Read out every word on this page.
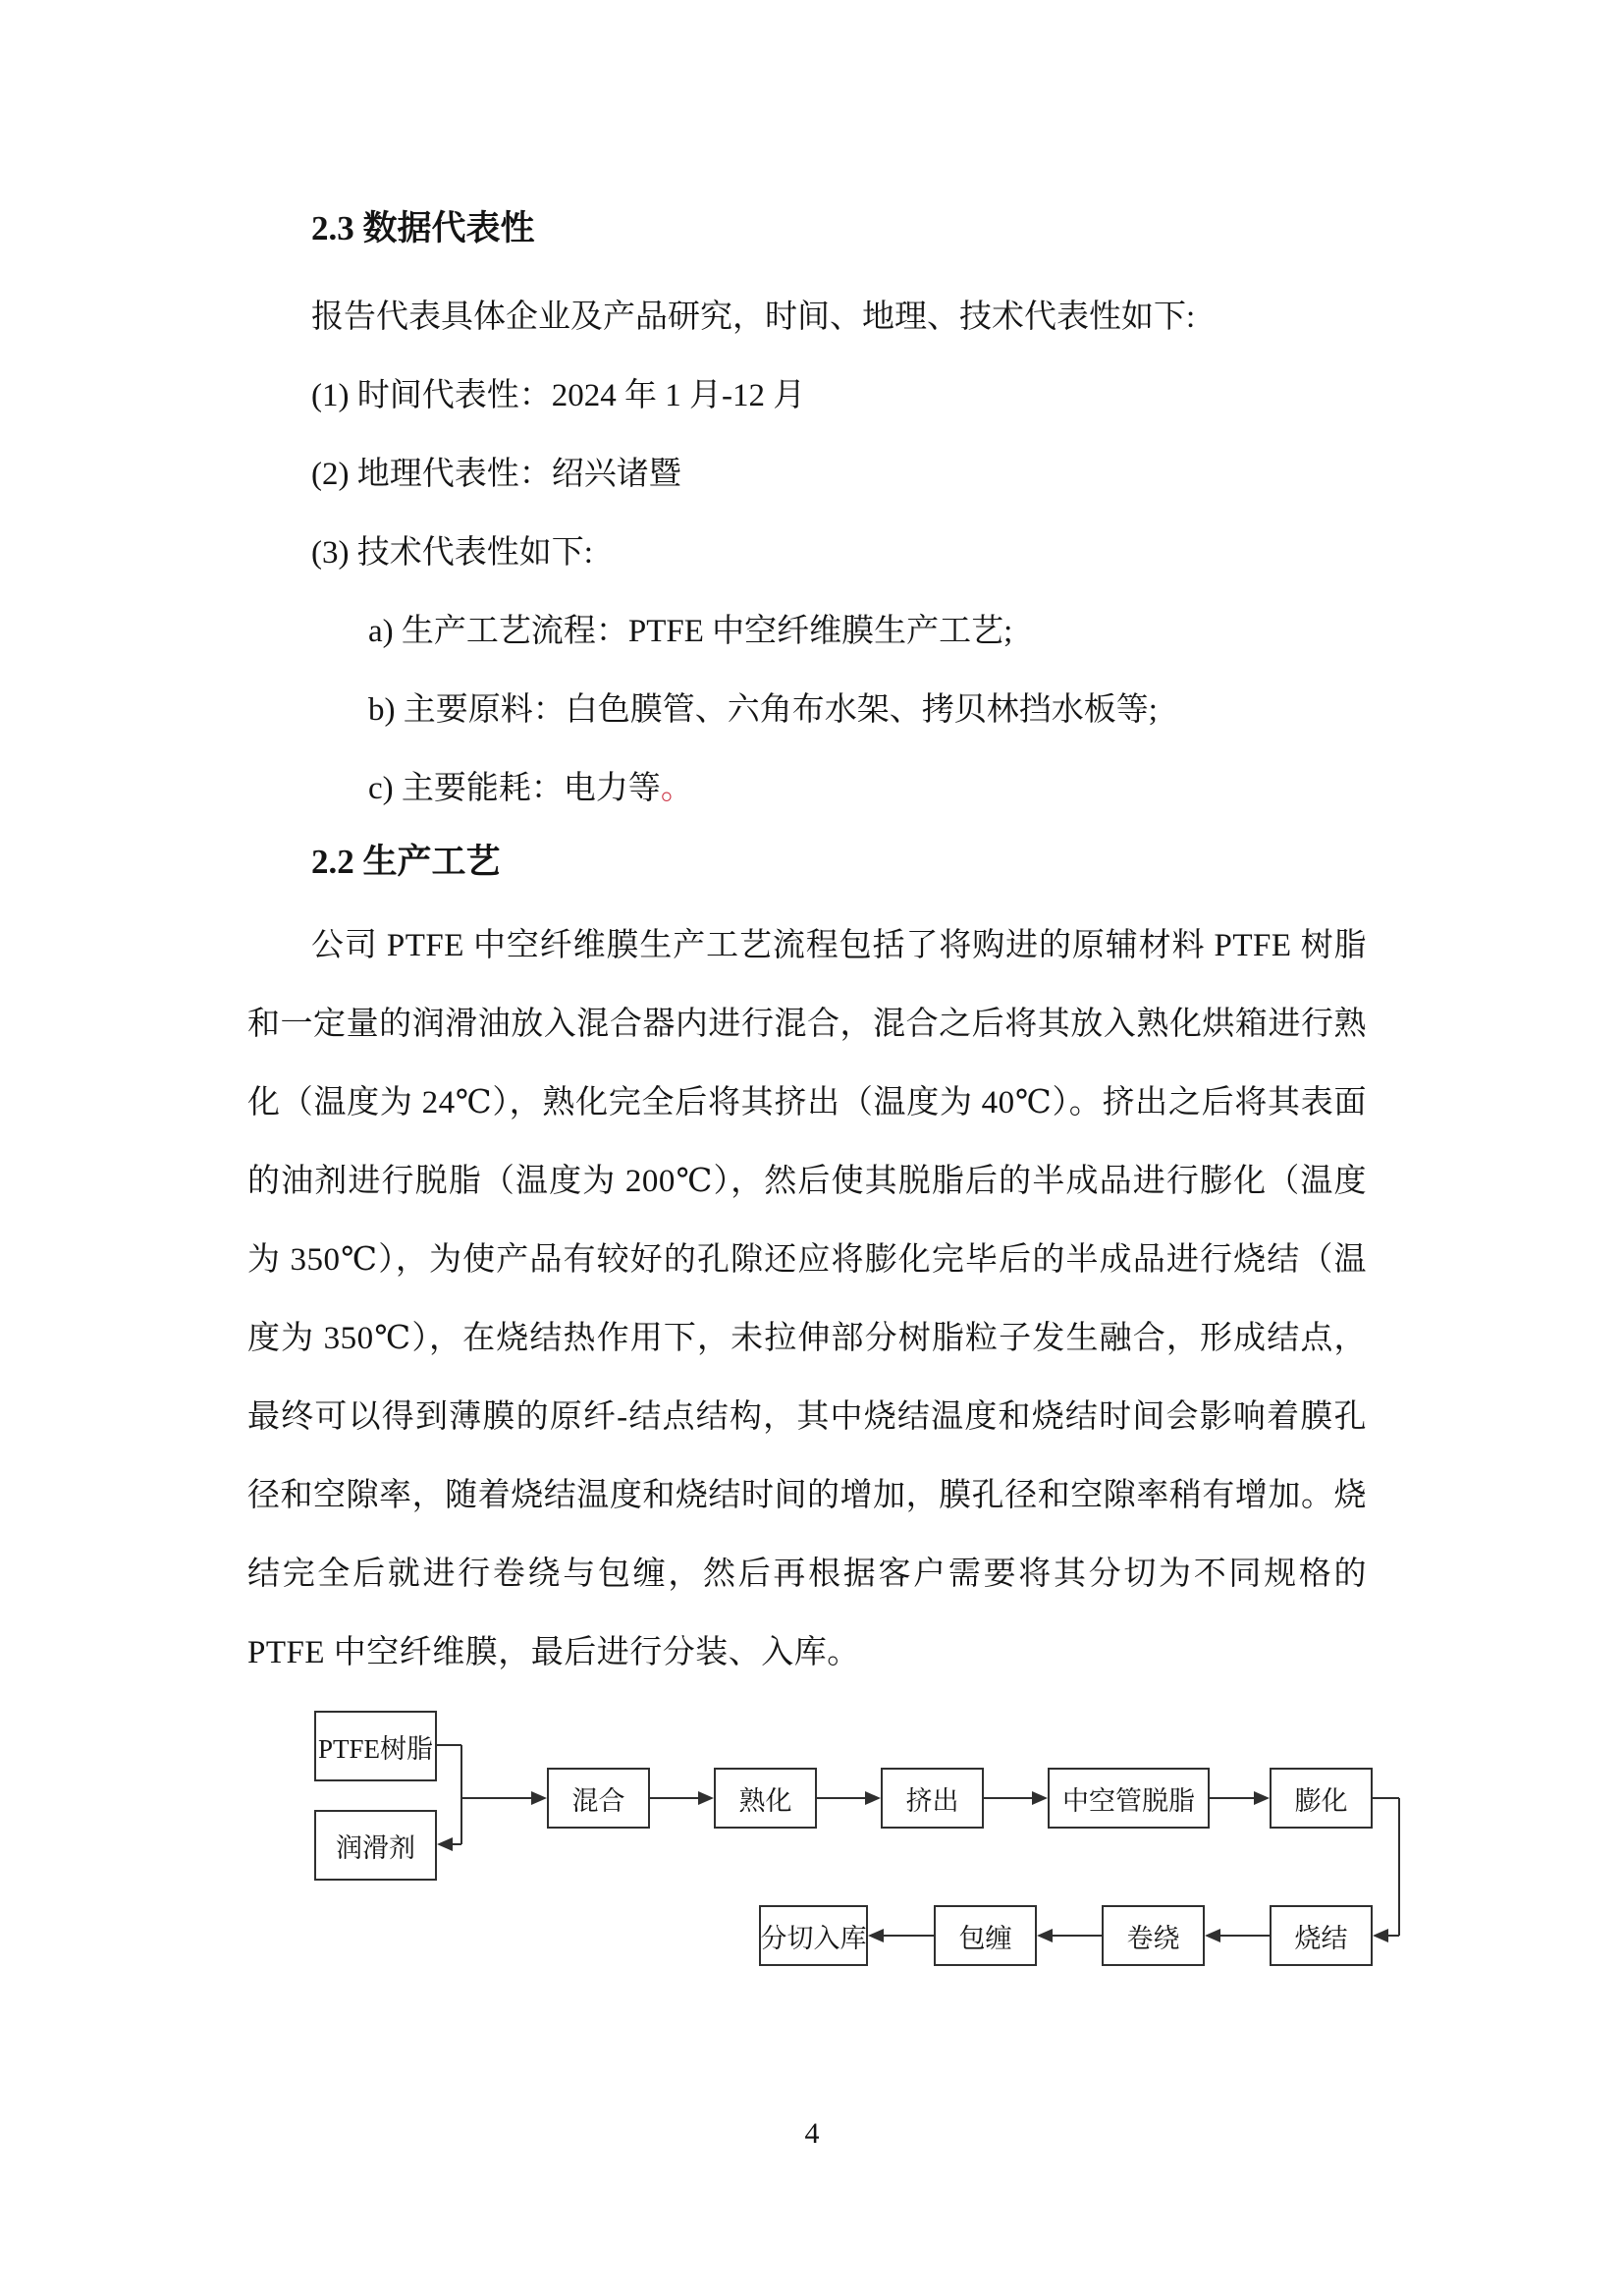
2.3 数据代表性
报告代表具体企业及产品研究，时间、地理、技术代表性如下:
(1) 时间代表性：2024 年 1 月-12 月
(2) 地理代表性：绍兴诸暨
(3) 技术代表性如下:
a) 生产工艺流程：PTFE 中空纤维膜生产工艺;
b) 主要原料：白色膜管、六角布水架、拷贝林挡水板等;
c) 主要能耗：电力等。
2.2 生产工艺
公司 PTFE 中空纤维膜生产工艺流程包括了将购进的原辅材料 PTFE 树脂和一定量的润滑油放入混合器内进行混合，混合之后将其放入熟化烘箱进行熟化（温度为 24℃），熟化完全后将其挤出（温度为 40℃）。挤出之后将其表面的油剂进行脱脂（温度为 200℃），然后使其脱脂后的半成品进行膨化（温度为 350℃），为使产品有较好的孔隙还应将膨化完毕后的半成品进行烧结（温度为 350℃），在烧结热作用下，未拉伸部分树脂粒子发生融合，形成结点，最终可以得到薄膜的原纤-结点结构，其中烧结温度和烧结时间会影响着膜孔径和空隙率，随着烧结温度和烧结时间的增加，膜孔径和空隙率稍有增加。烧结完全后就进行卷绕与包缠，然后再根据客户需要将其分切为不同规格的 PTFE 中空纤维膜，最后进行分装、入库。
PTFE树脂
润滑剂
混合	熟化	挤出	中空管脱脂	膨化
烧结
卷绕
包缠
分切入库
4
